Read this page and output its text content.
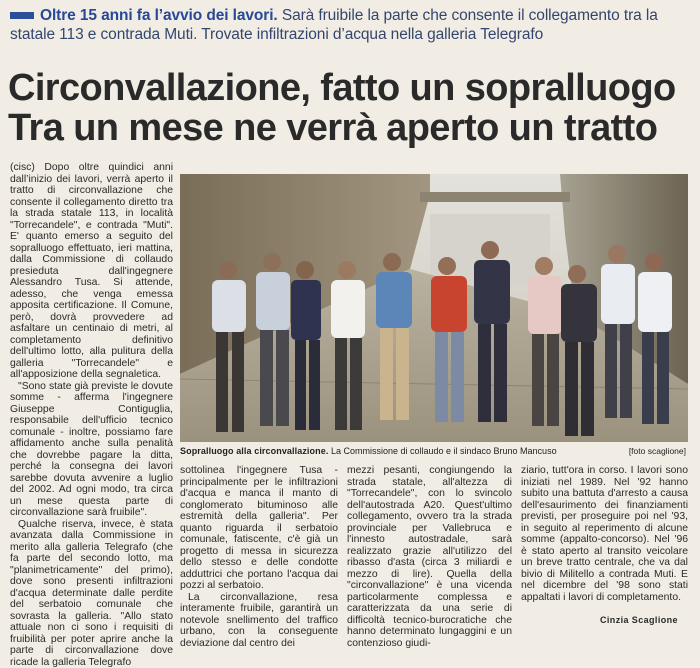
Oltre 15 anni fa l’avvio dei lavori. Sarà fruibile la parte che consente il collegamento tra la statale 113 e contrada Muti. Trovate infiltrazioni d’acqua nella galleria Telegrafo
Circonvallazione, fatto un sopralluogo
Tra un mese ne verrà aperto un tratto

(cisc) Dopo oltre quindici anni dall’inizio dei lavori, verrà aperto il tratto di circonvallazione che consente il collegamento diretto tra la strada statale 113, in località "Torrecandele", e contrada "Muti". E' quanto emerso a seguito del sopralluogo effettuato, ieri mattina, dalla Commissione di collaudo presieduta dall'ingegnere Alessandro Tusa. Si attende, adesso, che venga emessa apposita certificazione. Il Comune, però, dovrà provvedere ad asfaltare un centinaio di metri, al completamento definitivo dell'ultimo lotto, alla pulitura della galleria "Torrecandele" e all'apposizione della segnaletica.

"Sono state già previste le dovute somme - afferma l'ingegnere Giuseppe Contiguglia, responsabile dell'ufficio tecnico comunale - inoltre, possiamo fare affidamento anche sulla penalità che dovrebbe pagare la ditta, perché la consegna dei lavori sarebbe dovuta avvenire a luglio del 2002. Ad ogni modo, tra circa un mese questa parte di circonvallazione sarà fruibile".

Qualche riserva, invece, è stata avanzata dalla Commissione in merito alla galleria Telegrafo (che fa parte del secondo lotto, ma "planimetricamente" del primo), dove sono presenti infiltrazioni d'acqua determinate dalle perdite del serbatoio comunale che sovrasta la galleria. "Allo stato attuale non ci sono i requisiti di fruibilità per poter aprire anche la parte di circonvallazione dove ricade la galleria Telegrafo

Sopralluogo alla circonvallazione. La Commissione di collaudo e il sindaco Bruno Mancuso	[foto scaglione]

sottolinea l'ingegnere Tusa - principalmente per le infiltrazioni d'acqua e manca il manto di conglomerato bituminoso alle estremità della galleria". Per quanto riguarda il serbatoio comunale, fatiscente, c'è già un progetto di messa in sicurezza dello stesso e delle condotte adduttrici che portano l'acqua dai pozzi al serbatoio.

La circonvallazione, resa interamente fruibile, garantirà un notevole snellimento del traffico urbano, con la conseguente deviazione dal centro dei

mezzi pesanti, congiungendo la strada statale, all'altezza di "Torrecandele", con lo svincolo dell'autostrada A20. Quest'ultimo collegamento, ovvero tra la strada provinciale per Vallebruca e l'innesto autostradale, sarà realizzato grazie all'utilizzo del ribasso d'asta (circa 3 miliardi e mezzo di lire). Quella della "circonvallazione" è una vicenda particolarmente complessa e caratterizzata da una serie di difficoltà tecnico-burocratiche che hanno determinato lungaggini e un contenzioso giudi-

ziario, tutt'ora in corso. I lavori sono iniziati nel 1989. Nel '92 hanno subito una battuta d'arresto a causa dell'esaurimento dei finanziamenti previsti, per proseguire poi nel '93, in seguito al reperimento di alcune somme (appalto-concorso). Nel '96 è stato aperto al transito veicolare un breve tratto centrale, che va dal bivio di Militello a contrada Muti. E nel dicembre del '98 sono stati appaltati i lavori di completamento.

Cinzia Scaglione
